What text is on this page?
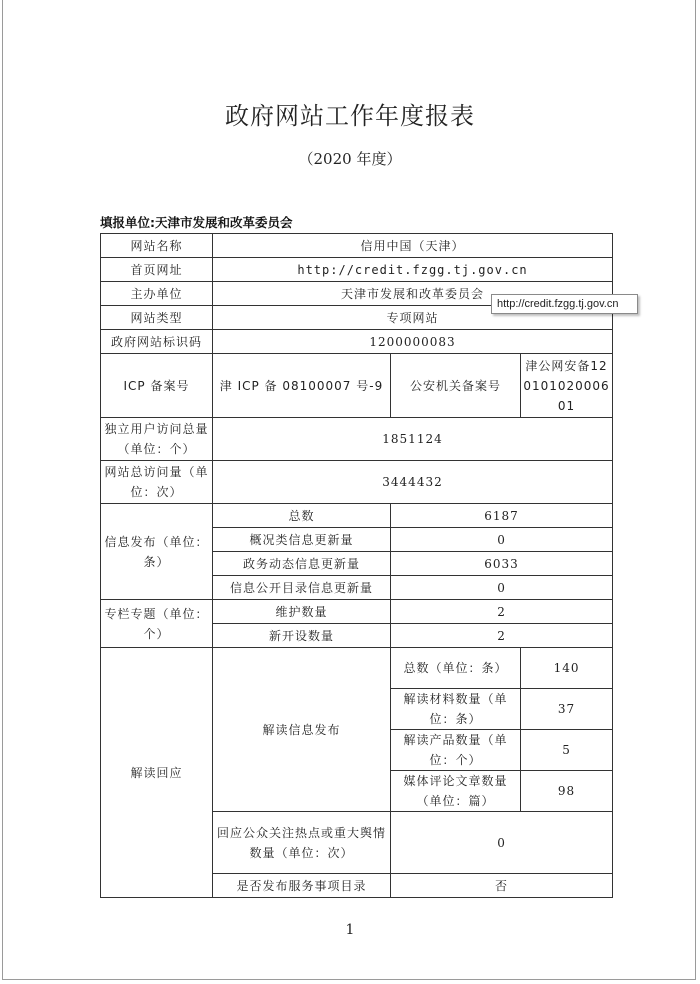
政府网站工作年度报表
（2020 年度）
填报单位:天津市发展和改革委员会
网站名称	信用中国（天津）		
首页网址	http://credit.fzgg.tj.gov.cn		
主办单位	天津市发展和改革委员会		
网站类型	专项网站		
政府网站标识码	1200000083		
ICP 备案号	津 ICP 备 08100007 号-9	公安机关备案号	津公网安备12010102000601
独立用户访问总量（单位：个）	1851124		
网站总访问量（单位：次）	3444432		
信息发布（单位：条）	总数	6187	
	概况类信息更新量	0	
	政务动态信息更新量	6033	
	信息公开目录信息更新量	0	
专栏专题（单位：个）	维护数量	2	
	新开设数量	2	
解读回应	解读信息发布	总数（单位：条）	140
		解读材料数量（单位：条）	37
		解读产品数量（单位：个）	5
		媒体评论文章数量（单位：篇）	98
	回应公众关注热点或重大舆情数量（单位：次）	0	
	是否发布服务事项目录	否	
http://credit.fzgg.tj.gov.cn
1
